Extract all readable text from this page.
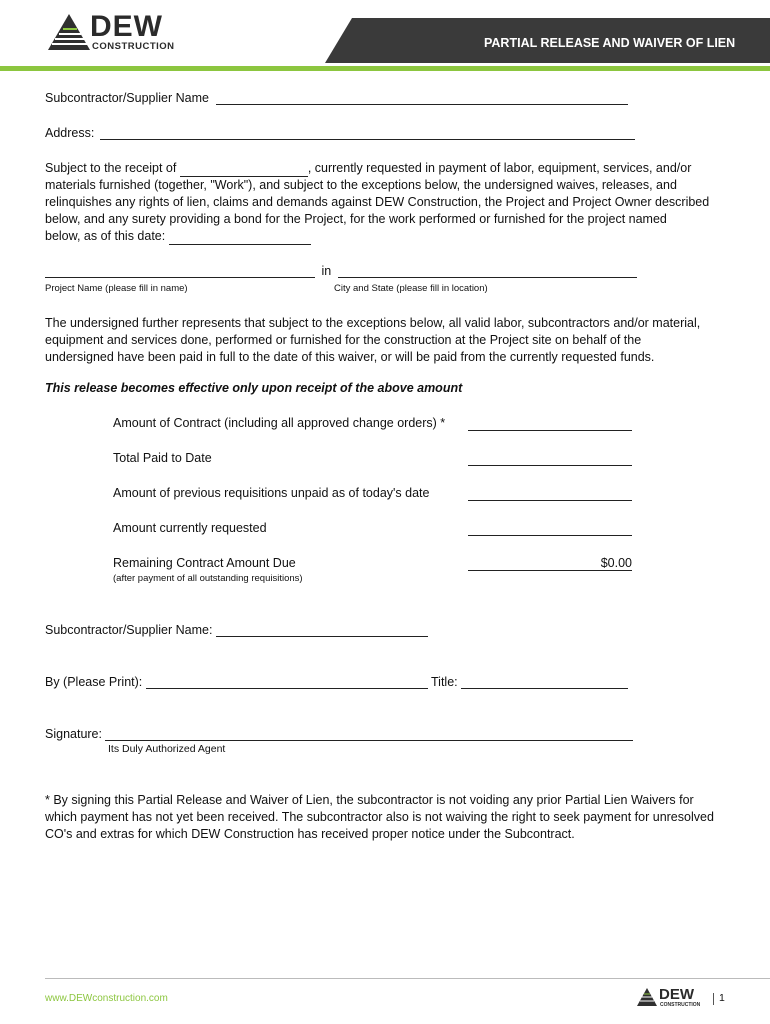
DEW
CONSTRUCTION	PARTIAL RELEASE AND WAIVER OF LIEN
Subcontractor/Supplier Name
Address:
Subject to the receipt of	, currently requested in payment of labor, equipment, services, and/or
materials furnished (together, "Work"), and subject to the exceptions below, the undersigned waives, releases, and
relinquishes any rights of lien, claims and demands against DEW Construction, the Project and Project Owner described
below, and any surety providing a bond for the Project, for the work performed or furnished for the project named
below, as of this date:
in
Project Name (please fill in name)	City and State (please fill in location)
The undersigned further represents that subject to the exceptions below, all valid labor, subcontractors and/or material,
equipment and services done, performed or furnished for the construction at the Project site on behalf of the
undersigned have been paid in full to the date of this waiver, or will be paid from the currently requested funds.
This release becomes effective only upon receipt of the above amount
Amount of Contract (including all approved change orders) *
Total Paid to Date
Amount of previous requisitions unpaid as of today's date
Amount currently requested
Remaining Contract Amount Due	$0.00
(after payment of all outstanding requisitions)
Subcontractor/Supplier Name:
By (Please Print):	Title:
Signature:
Its Duly Authorized Agent
* By signing this Partial Release and Waiver of Lien, the subcontractor is not voiding any prior Partial Lien Waivers for
which payment has not yet been received. The subcontractor also is not waiving the right to seek payment for unresolved
CO's and extras for which DEW Construction has received proper notice under the Subcontract.
www.DEWconstruction.com	DEW
CONSTRUCTION
1
